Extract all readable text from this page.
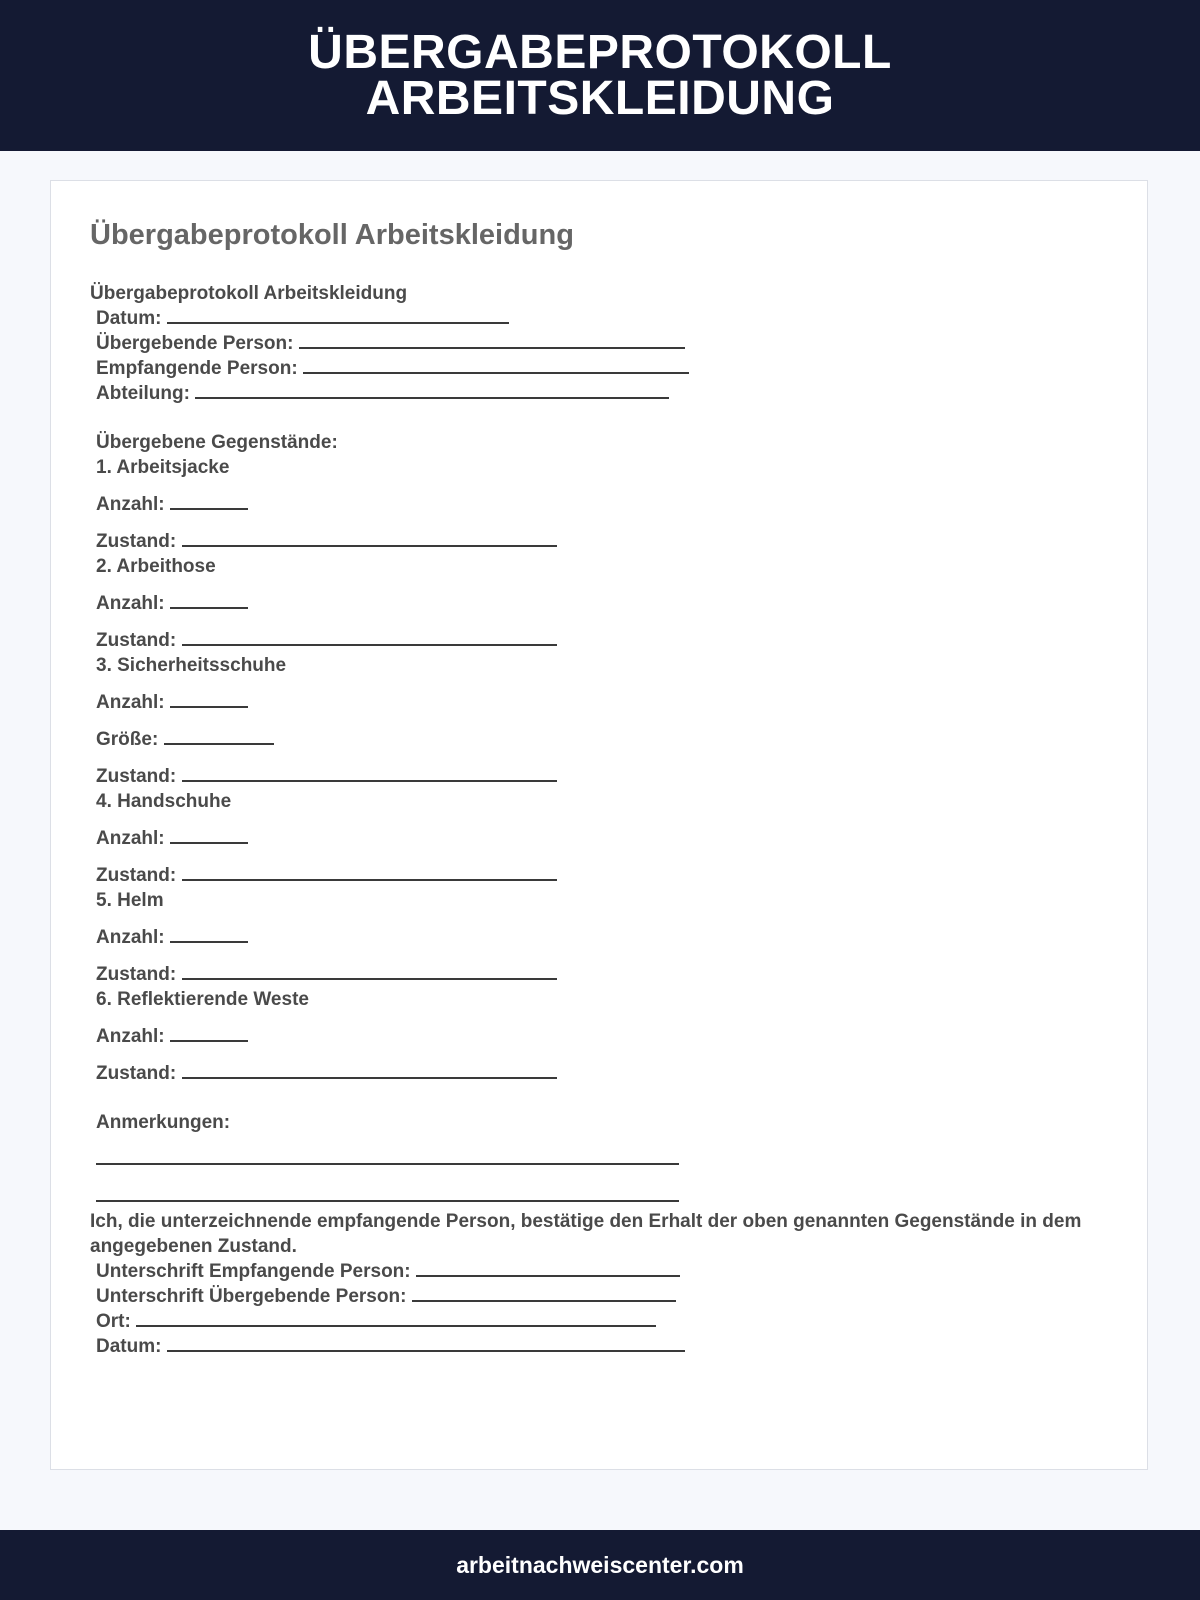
ÜBERGABEPROTOKOLL
ARBEITSKLEIDUNG
Übergabeprotokoll Arbeitskleidung
Übergabeprotokoll Arbeitskleidung
Datum:
Übergebende Person:
Empfangende Person:
Abteilung:
Übergebene Gegenstände:
1. Arbeitsjacke
Anzahl:
Zustand:
2. Arbeithose
Anzahl:
Zustand:
3. Sicherheitsschuhe
Anzahl:
Größe:
Zustand:
4. Handschuhe
Anzahl:
Zustand:
5. Helm
Anzahl:
Zustand:
6. Reflektierende Weste
Anzahl:
Zustand:
Anmerkungen:
Ich, die unterzeichnende empfangende Person, bestätige den Erhalt der oben genannten Gegenstände in dem angegebenen Zustand.
Unterschrift Empfangende Person:
Unterschrift Übergebende Person:
Ort:
Datum:
arbeitnachweiscenter.com
